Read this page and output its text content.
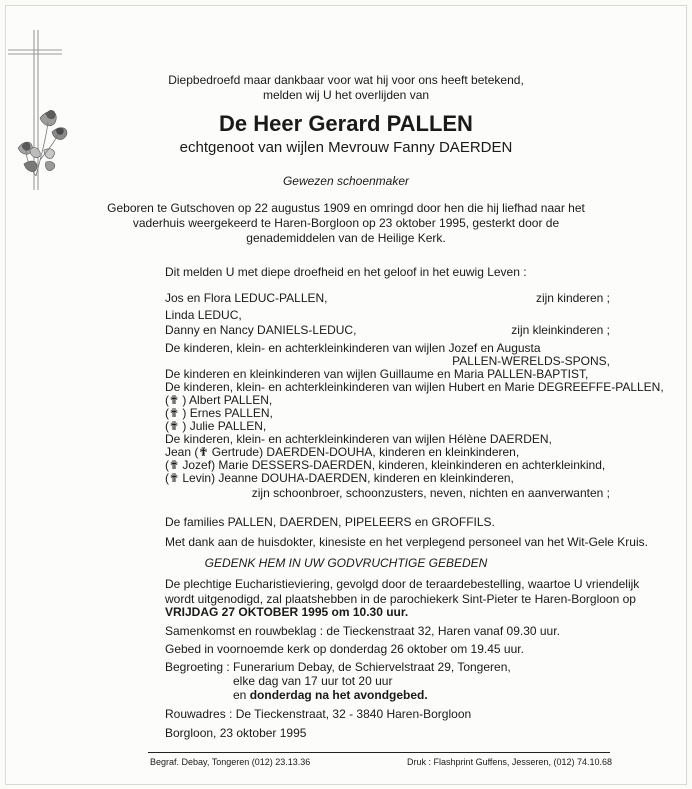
Diepbedroefd maar dankbaar voor wat hij voor ons heeft betekend,
melden wij U het overlijden van
De Heer Gerard PALLEN
echtgenoot van wijlen Mevrouw Fanny DAERDEN
Gewezen schoenmaker
Geboren te Gutschoven op 22 augustus 1909 en omringd door hen die hij liefhad naar het
vaderhuis weergekeerd te Haren-Borgloon op 23 oktober 1995, gesterkt door de
genademiddelen van de Heilige Kerk.
Dit melden U met diepe droefheid en het geloof in het euwig Leven :
Jos en Flora LEDUC-PALLEN,	zijn kinderen ;
Linda LEDUC,
Danny en Nancy DANIELS-LEDUC,	zijn kleinkinderen ;
De kinderen, klein- en achterkleinkinderen van wijlen Jozef en Augusta
PALLEN-WERELDS-SPONS,
De kinderen en kleinkinderen van wijlen Guillaume en Maria PALLEN-BAPTIST,
De kinderen, klein- en achterkleinkinderen van wijlen Hubert en Marie DEGREEFFE-PALLEN,
(✟ ) Albert PALLEN,
(✟ ) Ernes PALLEN,
(✟ ) Julie PALLEN,
De kinderen, klein- en achterkleinkinderen van wijlen Hélène DAERDEN,
Jean (✟ Gertrude) DAERDEN-DOUHA, kinderen en kleinkinderen,
(✟ Jozef) Marie DESSERS-DAERDEN, kinderen, kleinkinderen en achterkleinkind,
(✟ Levin) Jeanne DOUHA-DAERDEN, kinderen en kleinkinderen,
zijn schoonbroer, schoonzusters, neven, nichten en aanverwanten ;
De families PALLEN, DAERDEN, PIPELEERS en GROFFILS.
Met dank aan de huisdokter, kinesiste en het verplegend personeel van het Wit-Gele Kruis.
GEDENK HEM IN UW GODVRUCHTIGE GEBEDEN
De plechtige Eucharistieviering, gevolgd door de teraardebestelling, waartoe U vriendelijk
wordt uitgenodigd, zal plaatshebben in de parochiekerk Sint-Pieter te Haren-Borgloon op
VRIJDAG 27 OKTOBER 1995 om 10.30 uur.
Samenkomst en rouwbeklag : de Tieckenstraat 32, Haren vanaf 09.30 uur.
Gebed in voornoemde kerk op donderdag 26 oktober om 19.45 uur.
Begroeting : Funerarium Debay, de Schiervelstraat 29, Tongeren,
elke dag van 17 uur tot 20 uur
en donderdag na het avondgebed.
Rouwadres : De Tieckenstraat, 32 - 3840 Haren-Borgloon
Borgloon, 23 oktober 1995
Begraf. Debay, Tongeren (012) 23.13.36	Druk : Flashprint Guffens, Jesseren, (012) 74.10.68
